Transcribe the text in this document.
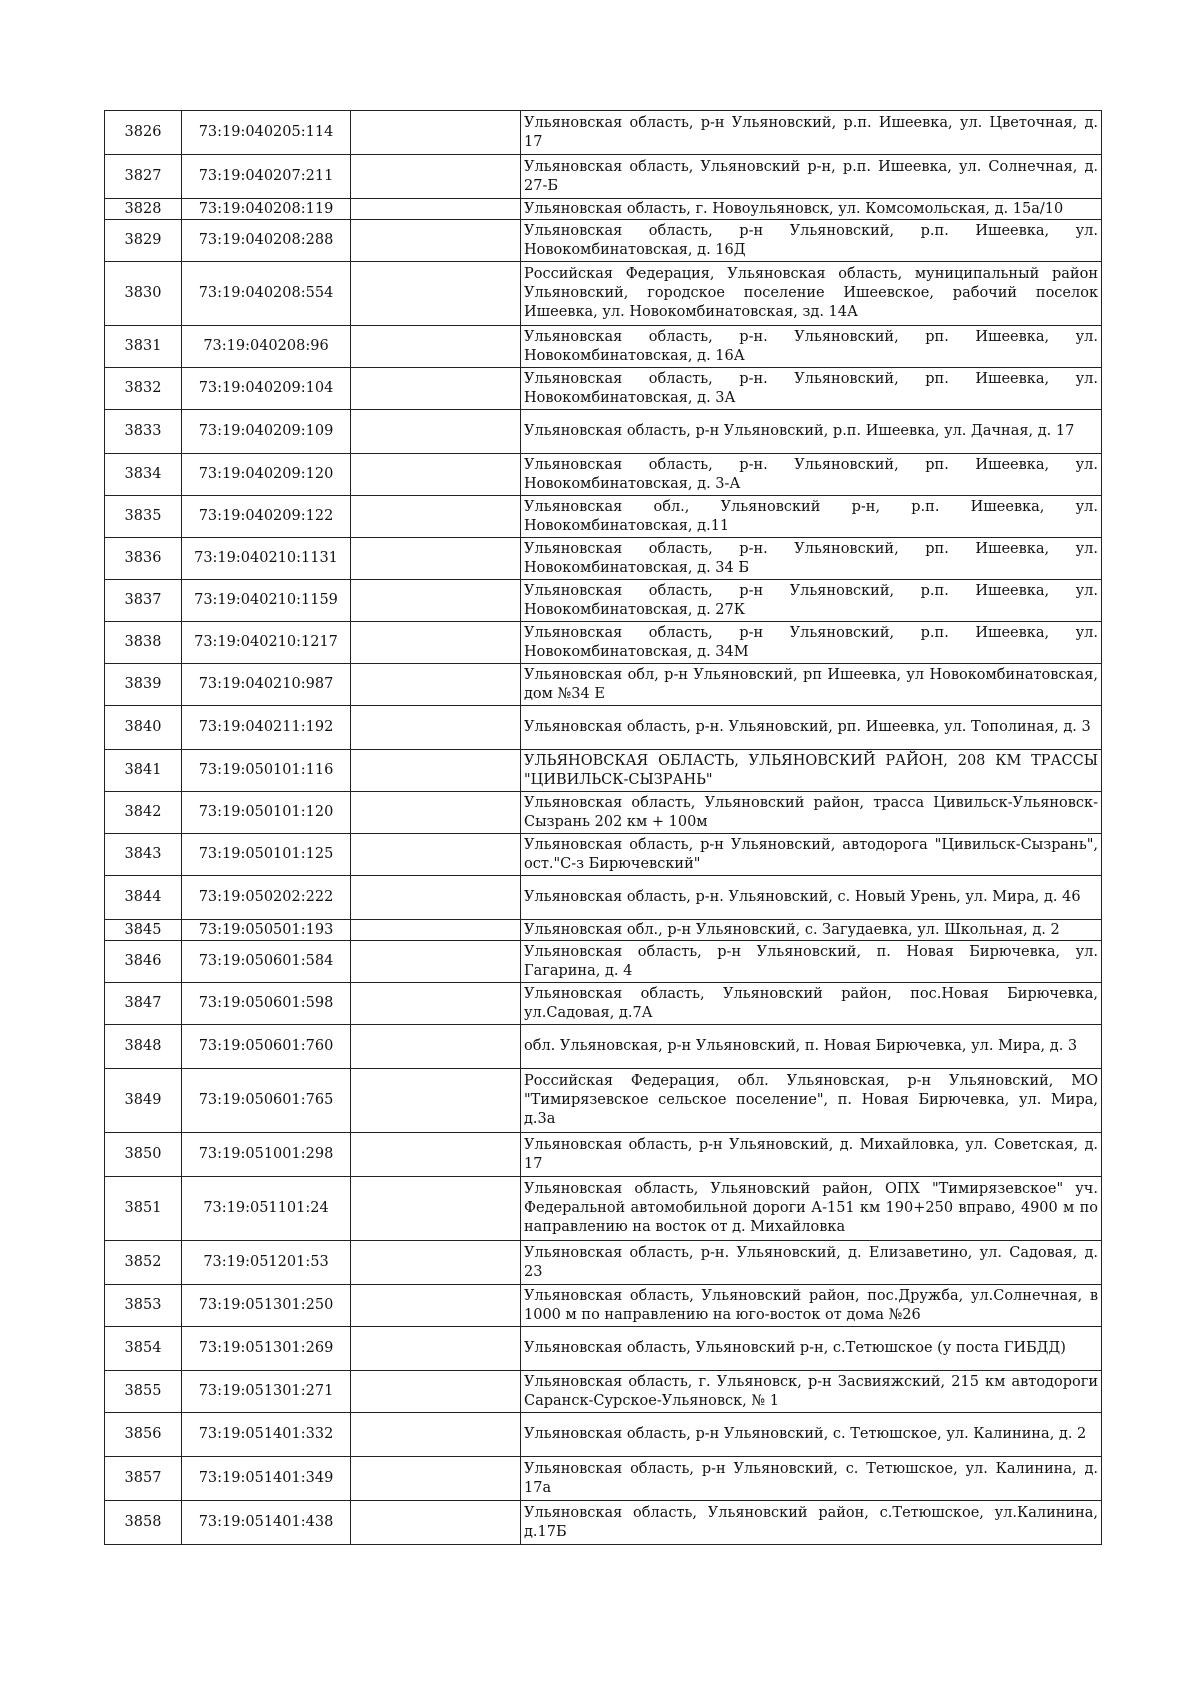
3826	73:19:040205:114		Ульяновская область, р-н Ульяновский, р.п. Ишеевка, ул. Цветочная, д. 17
3827	73:19:040207:211		Ульяновская область, Ульяновский р-н, р.п. Ишеевка, ул. Солнечная, д. 27-Б
3828	73:19:040208:119		Ульяновская область, г. Новоульяновск, ул. Комсомольская, д. 15а/10
3829	73:19:040208:288		Ульяновская область, р-н Ульяновский, р.п. Ишеевка, ул. Новокомбинатовская, д. 16Д
3830	73:19:040208:554		Российская Федерация, Ульяновская область, муниципальный район Ульяновский, городское поселение Ишеевское, рабочий поселок Ишеевка, ул. Новокомбинатовская, зд. 14А
3831	73:19:040208:96		Ульяновская область, р-н. Ульяновский, рп. Ишеевка, ул. Новокомбинатовская, д. 16А
3832	73:19:040209:104		Ульяновская область, р-н. Ульяновский, рп. Ишеевка, ул. Новокомбинатовская, д. 3А
3833	73:19:040209:109		Ульяновская область, р-н Ульяновский, р.п. Ишеевка, ул. Дачная, д. 17
3834	73:19:040209:120		Ульяновская область, р-н. Ульяновский, рп. Ишеевка, ул. Новокомбинатовская, д. 3-А
3835	73:19:040209:122		Ульяновская обл., Ульяновский р-н, р.п. Ишеевка, ул. Новокомбинатовская, д.11
3836	73:19:040210:1131		Ульяновская область, р-н. Ульяновский, рп. Ишеевка, ул. Новокомбинатовская, д. 34 Б
3837	73:19:040210:1159		Ульяновская область, р-н Ульяновский, р.п. Ишеевка, ул. Новокомбинатовская, д. 27К
3838	73:19:040210:1217		Ульяновская область, р-н Ульяновский, р.п. Ишеевка, ул. Новокомбинатовская, д. 34М
3839	73:19:040210:987		Ульяновская обл, р-н Ульяновский, рп Ишеевка, ул Новокомбинатовская, дом №34 Е
3840	73:19:040211:192		Ульяновская область, р-н. Ульяновский, рп. Ишеевка, ул. Тополиная, д. 3
3841	73:19:050101:116		УЛЬЯНОВСКАЯ ОБЛАСТЬ, УЛЬЯНОВСКИЙ РАЙОН, 208 КМ ТРАССЫ "ЦИВИЛЬСК-СЫЗРАНЬ"
3842	73:19:050101:120		Ульяновская область, Ульяновский район, трасса Цивильск-Ульяновск-Сызрань 202 км + 100м
3843	73:19:050101:125		Ульяновская область, р-н Ульяновский, автодорога "Цивильск-Сызрань", ост."С-з Бирючевский"
3844	73:19:050202:222		Ульяновская область, р-н. Ульяновский, с. Новый Урень, ул. Мира, д. 46
3845	73:19:050501:193		Ульяновская обл., р-н Ульяновский, с. Загудаевка, ул. Школьная, д. 2
3846	73:19:050601:584		Ульяновская область, р-н Ульяновский, п. Новая Бирючевка, ул. Гагарина, д. 4
3847	73:19:050601:598		Ульяновская область, Ульяновский район, пос.Новая Бирючевка, ул.Садовая, д.7А
3848	73:19:050601:760		обл. Ульяновская, р-н Ульяновский, п. Новая Бирючевка, ул. Мира, д. 3
3849	73:19:050601:765		Российская Федерация, обл. Ульяновская, р-н Ульяновский, МО "Тимирязевское сельское поселение", п. Новая Бирючевка, ул. Мира, д.3а
3850	73:19:051001:298		Ульяновская область, р-н Ульяновский, д. Михайловка, ул. Советская, д. 17
3851	73:19:051101:24		Ульяновская область, Ульяновский район, ОПХ "Тимирязевское" уч. Федеральной автомобильной дороги А-151 км 190+250 вправо, 4900 м по направлению на восток от д. Михайловка
3852	73:19:051201:53		Ульяновская область, р-н. Ульяновский, д. Елизаветино, ул. Садовая, д. 23
3853	73:19:051301:250		Ульяновская область, Ульяновский район, пос.Дружба, ул.Солнечная, в 1000 м по направлению на юго-восток от дома №26
3854	73:19:051301:269		Ульяновская область, Ульяновский р-н, с.Тетюшское (у поста ГИБДД)
3855	73:19:051301:271		Ульяновская область, г. Ульяновск, р-н Засвияжский, 215 км автодороги Саранск-Сурское-Ульяновск, № 1
3856	73:19:051401:332		Ульяновская область, р-н Ульяновский, с. Тетюшское, ул. Калинина, д. 2
3857	73:19:051401:349		Ульяновская область, р-н Ульяновский, с. Тетюшское, ул. Калинина, д. 17а
3858	73:19:051401:438		Ульяновская область, Ульяновский район, с.Тетюшское, ул.Калинина, д.17Б
